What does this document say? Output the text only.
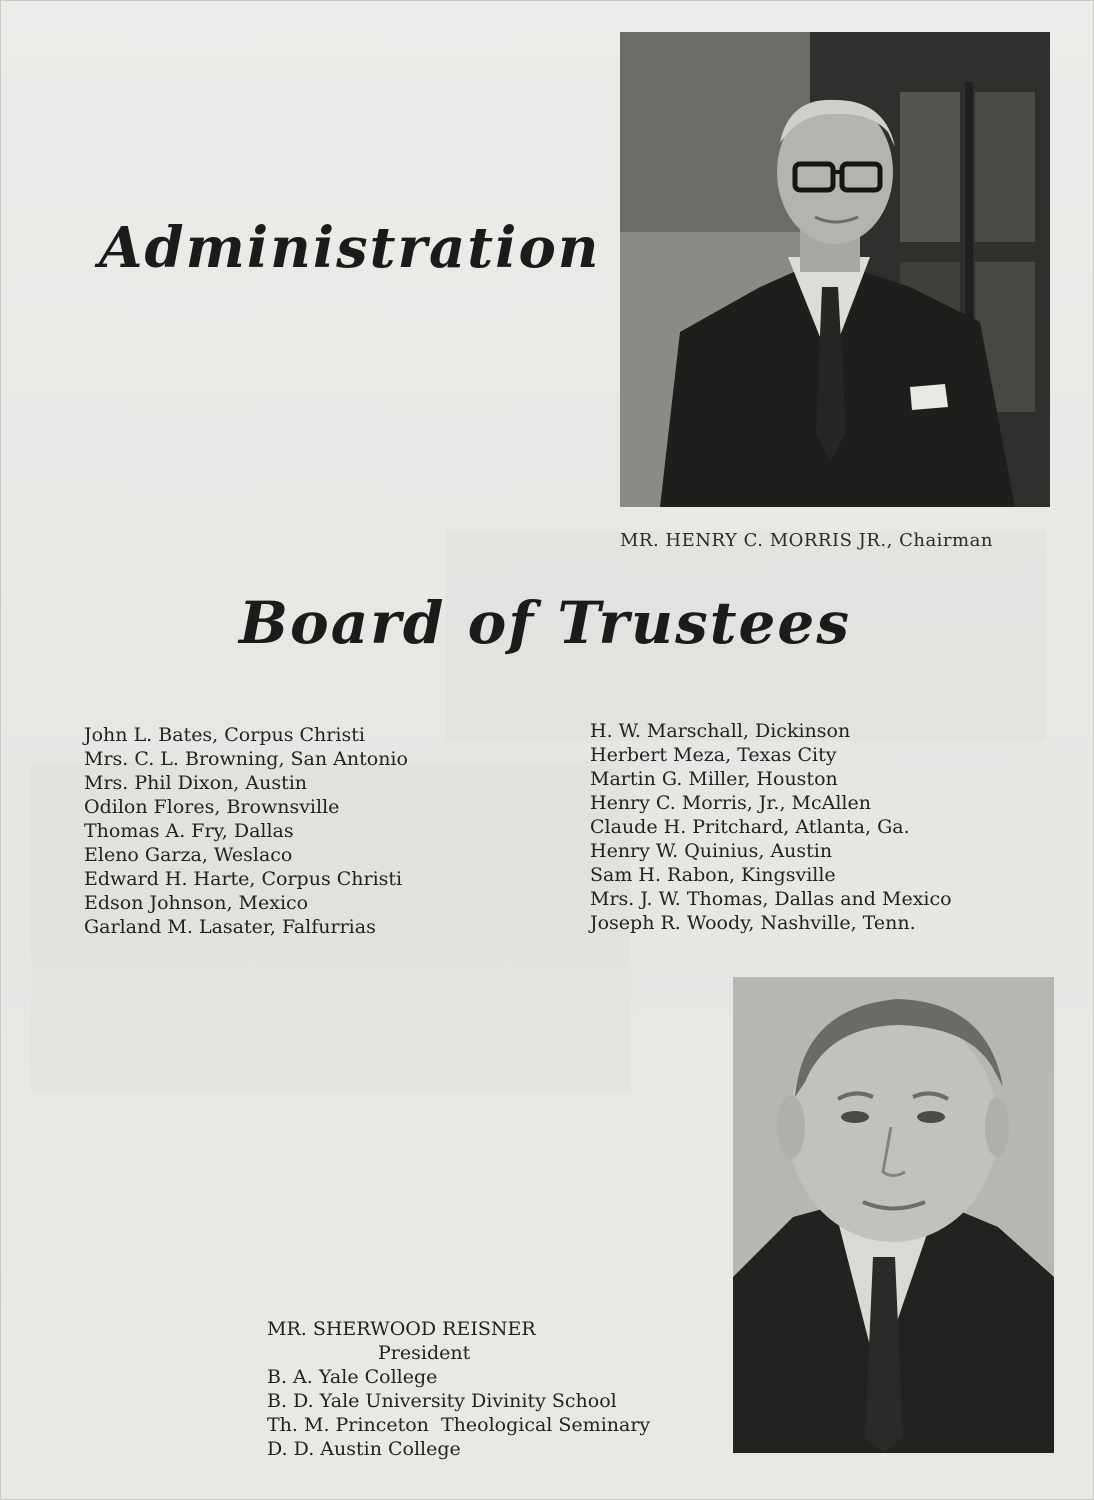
Administration
MR. HENRY C. MORRIS JR., Chairman
Board of Trustees
John L. Bates, Corpus Christi
Mrs. C. L. Browning, San Antonio
Mrs. Phil Dixon, Austin
Odilon Flores, Brownsville
Thomas A. Fry, Dallas
Eleno Garza, Weslaco
Edward H. Harte, Corpus Christi
Edson Johnson, Mexico
Garland M. Lasater, Falfurrias
H. W. Marschall, Dickinson
Herbert Meza, Texas City
Martin G. Miller, Houston
Henry C. Morris, Jr., McAllen
Claude H. Pritchard, Atlanta, Ga.
Henry W. Quinius, Austin
Sam H. Rabon, Kingsville
Mrs. J. W. Thomas, Dallas and Mexico
Joseph R. Woody, Nashville, Tenn.
MR. SHERWOOD REISNER
President
B. A. Yale College
B. D. Yale University Divinity School
Th. M. Princeton  Theological Seminary
D. D. Austin College
